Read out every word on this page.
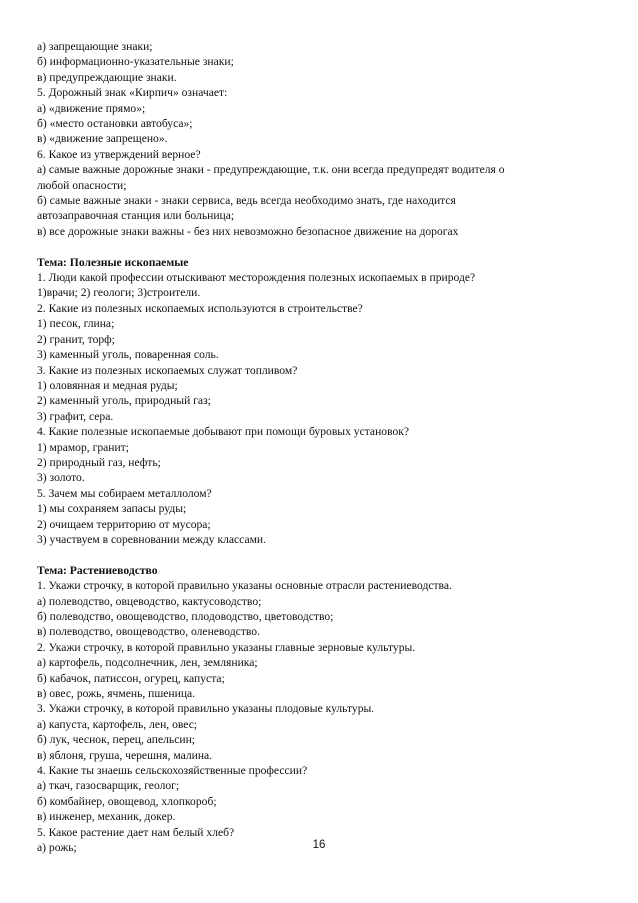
а) запрещающие знаки;
б) информационно-указательные знаки;
в) предупреждающие знаки.
5. Дорожный знак «Кирпич» означает:
а) «движение прямо»;
б) «место остановки автобуса»;
в) «движение запрещено».
6. Какое из утверждений верное?
а) самые важные дорожные знаки - предупреждающие, т.к. они всегда предупредят водителя о
любой опасности;
б) самые важные знаки - знаки сервиса, ведь всегда необходимо знать, где находится
автозаправочная станция или больница;
в) все дорожные знаки важны - без них невозможно безопасное движение на дорогах
Тема: Полезные ископаемые
1. Люди какой профессии отыскивают месторождения полезных ископаемых в природе?
1)врачи; 2) геологи; 3)строители.
2. Какие из полезных ископаемых используются в строительстве?
1) песок, глина;
2) гранит, торф;
3) каменный уголь, поваренная соль.
3. Какие из полезных ископаемых служат топливом?
1) оловянная и медная руды;
2) каменный уголь, природный газ;
3) графит, сера.
4. Какие полезные ископаемые добывают при помощи буровых установок?
1) мрамор, гранит;
2) природный газ, нефть;
3) золото.
5. Зачем мы собираем металлолом?
1) мы сохраняем запасы руды;
2) очищаем территорию от мусора;
3) участвуем в соревновании между классами.
Тема: Растениеводство
1. Укажи строчку, в которой правильно указаны основные отрасли растениеводства.
а) полеводство, овцеводство, кактусоводство;
б) полеводство, овощеводство, плодоводство, цветоводство;
в) полеводство, овощеводство, оленеводство.
2. Укажи строчку, в которой правильно указаны главные зерновые культуры.
а) картофель, подсолнечник, лен, земляника;
б) кабачок, патиссон, огурец, капуста;
в) овес, рожь, ячмень, пшеница.
3. Укажи строчку, в которой правильно указаны плодовые культуры.
а) капуста, картофель, лен, овес;
б) лук, чеснок, перец, апельсин;
в) яблоня, груша, черешня, малина.
4. Какие ты знаешь сельскохозяйственные профессии?
а) ткач, газосварщик, геолог;
б) комбайнер, овощевод, хлопкороб;
в) инженер, механик, докер.
5. Какое растение дает нам белый хлеб?
а) рожь;	16
